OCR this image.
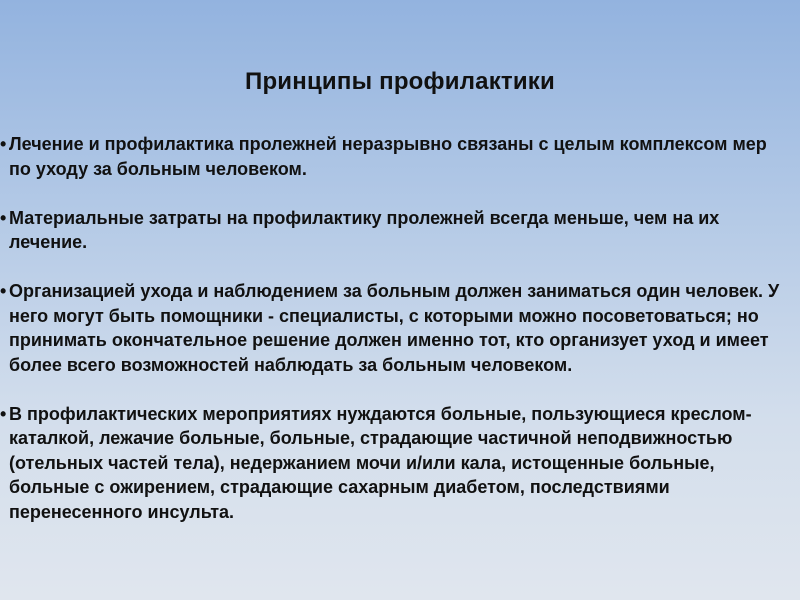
Принципы профилактики
• Лечение и профилактика пролежней неразрывно связаны с целым комплексом мер по уходу за больным человеком.
• Материальные затраты на профилактику пролежней всегда меньше, чем на их лечение.
• Организацией ухода и наблюдением за больным должен заниматься один человек. У него могут быть помощники - специалисты, с которыми можно посоветоваться; но принимать окончательное решение должен именно тот, кто организует уход и имеет более всего возможностей наблюдать за больным человеком.
• В профилактических мероприятиях нуждаются больные, пользующиеся креслом-каталкой, лежачие больные, больные, страдающие частичной неподвижностью (отельных частей тела), недержанием мочи и/или кала, истощенные больные, больные с ожирением, страдающие сахарным диабетом, последствиями перенесенного инсульта.
